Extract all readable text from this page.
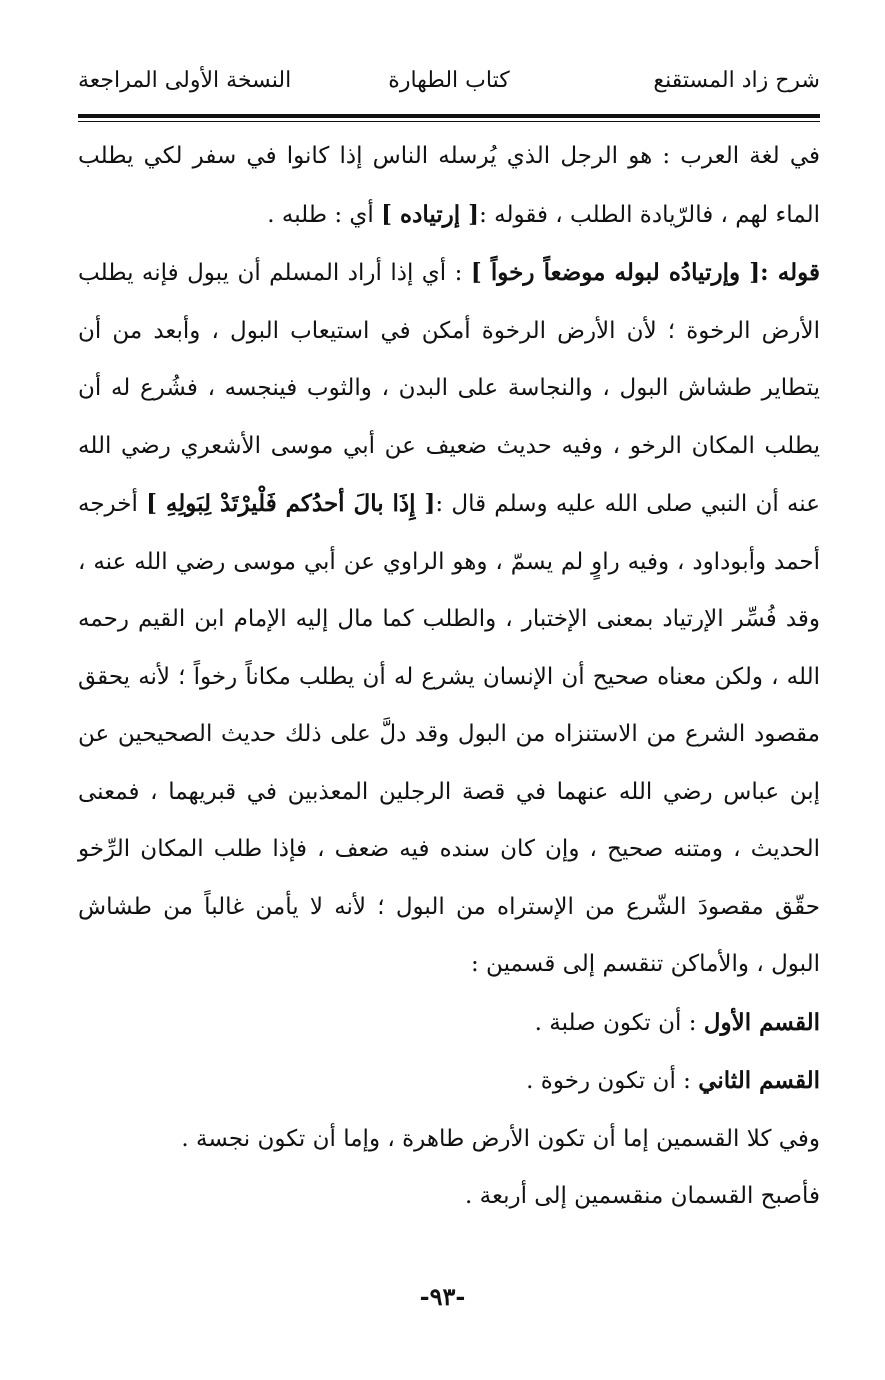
شرح زاد المستقنع
كتاب الطهارة
النسخة الأولى المراجعة

في لغة العرب : هو الرجل الذي يُرسله الناس إذا كانوا في سفر لكي يطلب الماء لهم ، فالرّيادة الطلب ، فقوله :[ إرتياده ] أي : طلبه .

قوله :[ وإرتيادُه لبوله موضعاً رخواً ] : أي إذا أراد المسلم أن يبول فإنه يطلب الأرض الرخوة ؛ لأن الأرض الرخوة أمكن في استيعاب البول ، وأبعد من أن يتطاير طشاش البول ، والنجاسة على البدن ، والثوب فينجسه ، فشُرع له أن يطلب المكان الرخو ، وفيه حديث ضعيف عن أبي موسى الأشعري رضي الله عنه أن النبي صلى الله عليه وسلم قال :[ إِذَا بالَ أحدُكم فَلْيرْتَدْ لِبَولِهِ ] أخرجه أحمد وأبوداود ، وفيه راوٍ لم يسمّ ، وهو الراوي عن أبي موسى رضي الله عنه ، وقد فُسِّر الإرتياد بمعنى الإختبار ، والطلب كما مال إليه الإمام ابن القيم رحمه الله ، ولكن معناه صحيح أن الإنسان يشرع له أن يطلب مكاناً رخواً ؛ لأنه يحقق مقصود الشرع من الاستنزاه من البول وقد دلَّ على ذلك حديث الصحيحين عن إبن عباس رضي الله عنهما في قصة الرجلين المعذبين في قبريهما ، فمعنى الحديث ، ومتنه صحيح ، وإن كان سنده فيه ضعف ، فإذا طلب المكان الرِّخو حقّق مقصودَ الشّرع من الإستراه من البول ؛ لأنه لا يأمن غالباً من طشاش البول ، والأماكن تنقسم إلى قسمين :

القسم الأول : أن تكون صلبة .

القسم الثاني : أن تكون رخوة .

وفي كلا القسمين إما أن تكون الأرض طاهرة ، وإما أن تكون نجسة .

فأصبح القسمان منقسمين إلى أربعة .

-٩٣-
